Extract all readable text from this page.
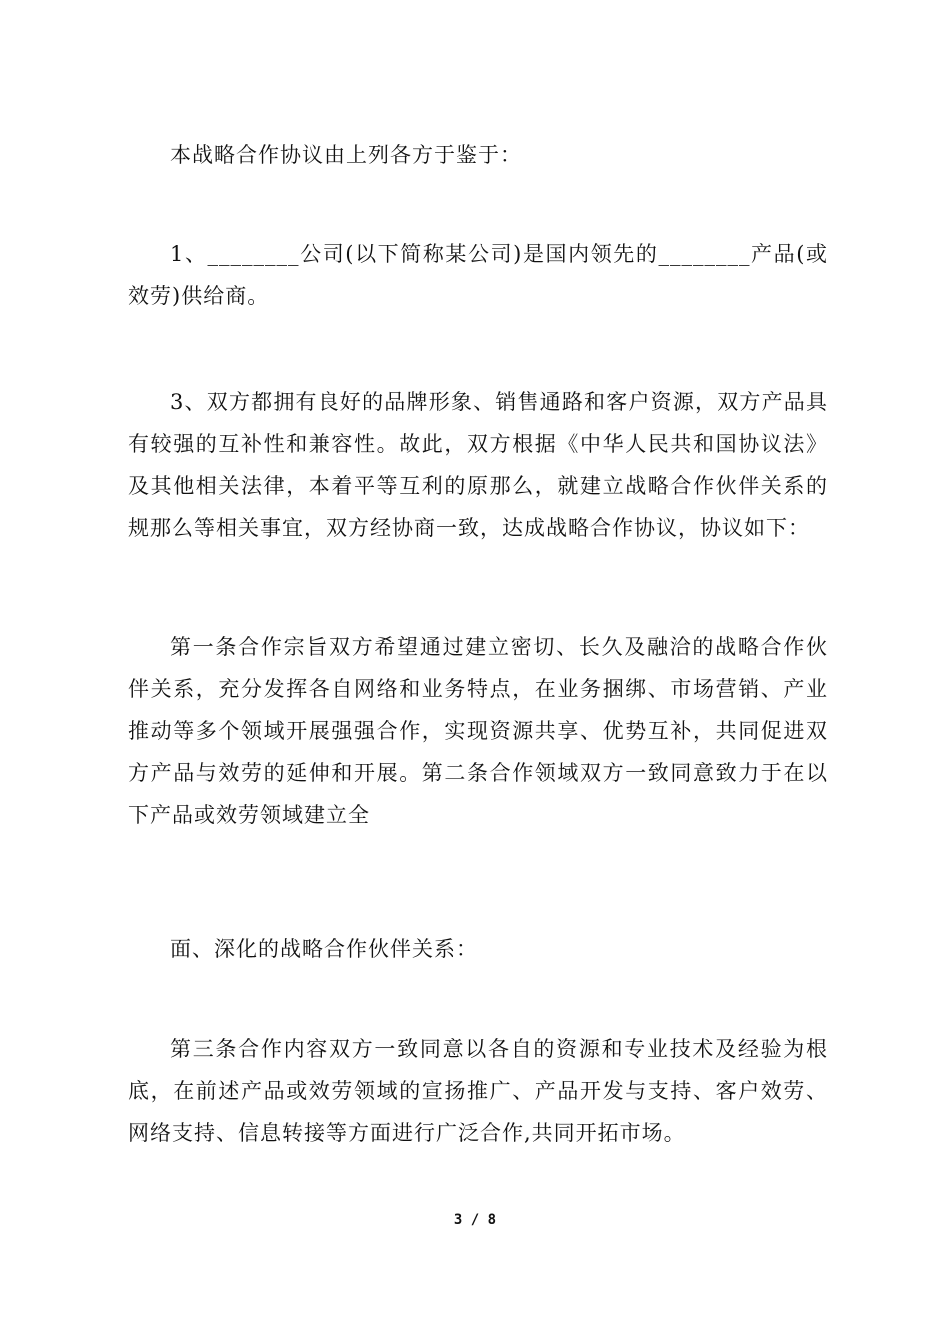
本战略合作协议由上列各方于鉴于：

1、________公司(以下简称某公司)是国内领先的________产品(或效劳)供给商。

3、双方都拥有良好的品牌形象、销售通路和客户资源，双方产品具有较强的互补性和兼容性。故此，双方根据《中华人民共和国协议法》及其他相关法律，本着平等互利的原那么，就建立战略合作伙伴关系的规那么等相关事宜，双方经协商一致，达成战略合作协议，协议如下：

第一条合作宗旨双方希望通过建立密切、长久及融洽的战略合作伙伴关系，充分发挥各自网络和业务特点，在业务捆绑、市场营销、产业推动等多个领域开展强强合作，实现资源共享、优势互补，共同促进双方产品与效劳的延伸和开展。第二条合作领域双方一致同意致力于在以下产品或效劳领域建立全

面、深化的战略合作伙伴关系：

第三条合作内容双方一致同意以各自的资源和专业技术及经验为根底，在前述产品或效劳领域的宣扬推广、产品开发与支持、客户效劳、网络支持、信息转接等方面进行广泛合作,共同开拓市场。

3 / 8
